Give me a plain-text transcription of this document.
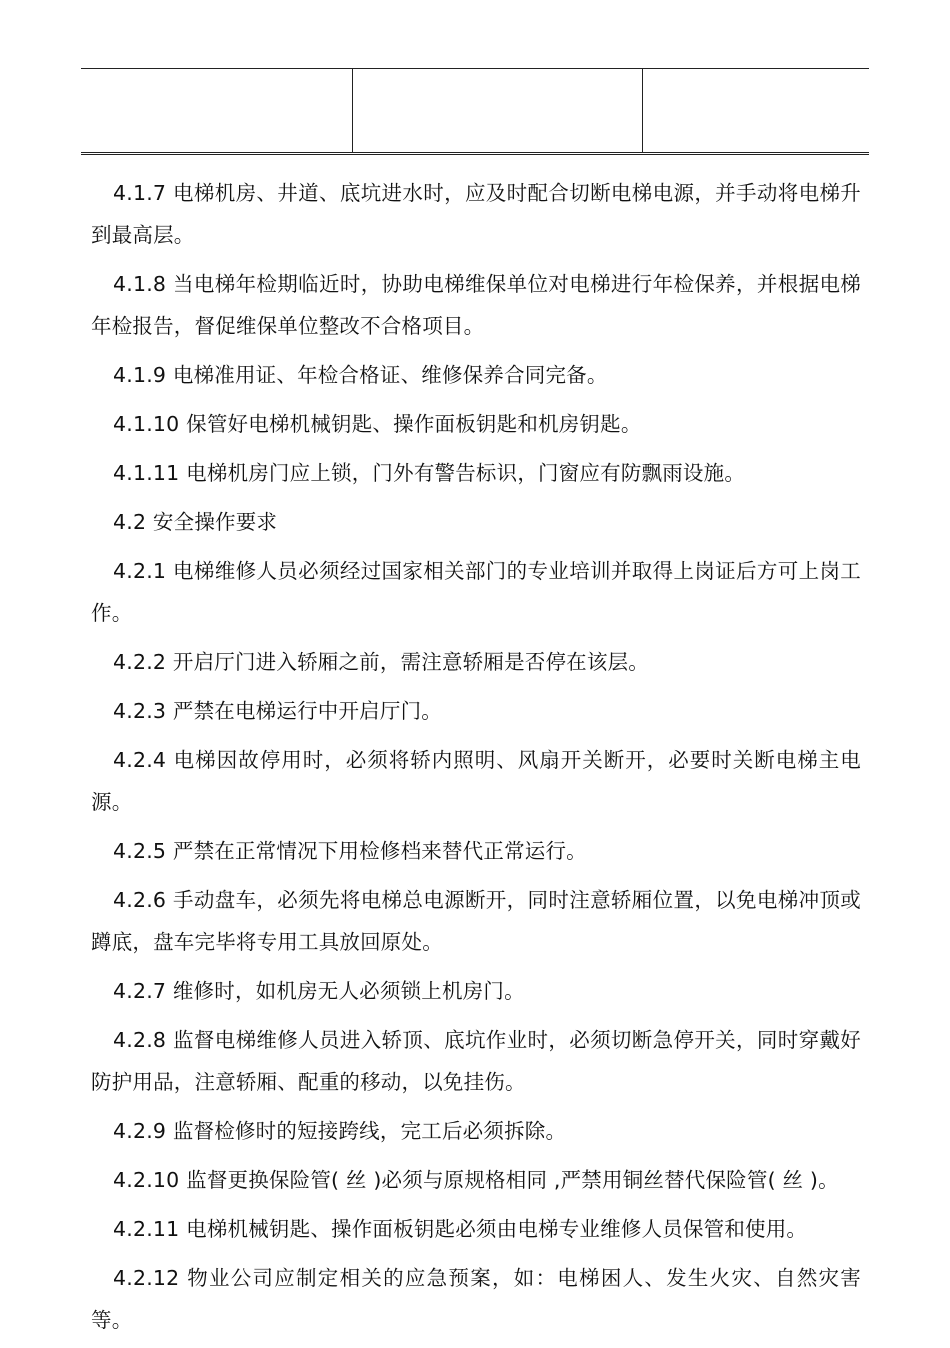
4.1.7 电梯机房、井道、底坑进水时，应及时配合切断电梯电源，并手动将电梯升到最高层。

4.1.8 当电梯年检期临近时，协助电梯维保单位对电梯进行年检保养，并根据电梯年检报告，督促维保单位整改不合格项目。

4.1.9 电梯准用证、年检合格证、维修保养合同完备。

4.1.10 保管好电梯机械钥匙、操作面板钥匙和机房钥匙。

4.1.11 电梯机房门应上锁，门外有警告标识，门窗应有防飘雨设施。

4.2 安全操作要求

4.2.1 电梯维修人员必须经过国家相关部门的专业培训并取得上岗证后方可上岗工作。

4.2.2 开启厅门进入轿厢之前，需注意轿厢是否停在该层。

4.2.3 严禁在电梯运行中开启厅门。

4.2.4 电梯因故停用时，必须将轿内照明、风扇开关断开，必要时关断电梯主电源。

4.2.5 严禁在正常情况下用检修档来替代正常运行。

4.2.6 手动盘车，必须先将电梯总电源断开，同时注意轿厢位置，以免电梯冲顶或蹲底，盘车完毕将专用工具放回原处。

4.2.7 维修时，如机房无人必须锁上机房门。

4.2.8 监督电梯维修人员进入轿顶、底坑作业时，必须切断急停开关，同时穿戴好防护用品，注意轿厢、配重的移动，以免挂伤。

4.2.9 监督检修时的短接跨线，完工后必须拆除。

4.2.10 监督更换保险管( 丝 )必须与原规格相同 ,严禁用铜丝替代保险管( 丝 )。

4.2.11 电梯机械钥匙、操作面板钥匙必须由电梯专业维修人员保管和使用。

4.2.12 物业公司应制定相关的应急预案，如：电梯困人、发生火灾、自然灾害等。
